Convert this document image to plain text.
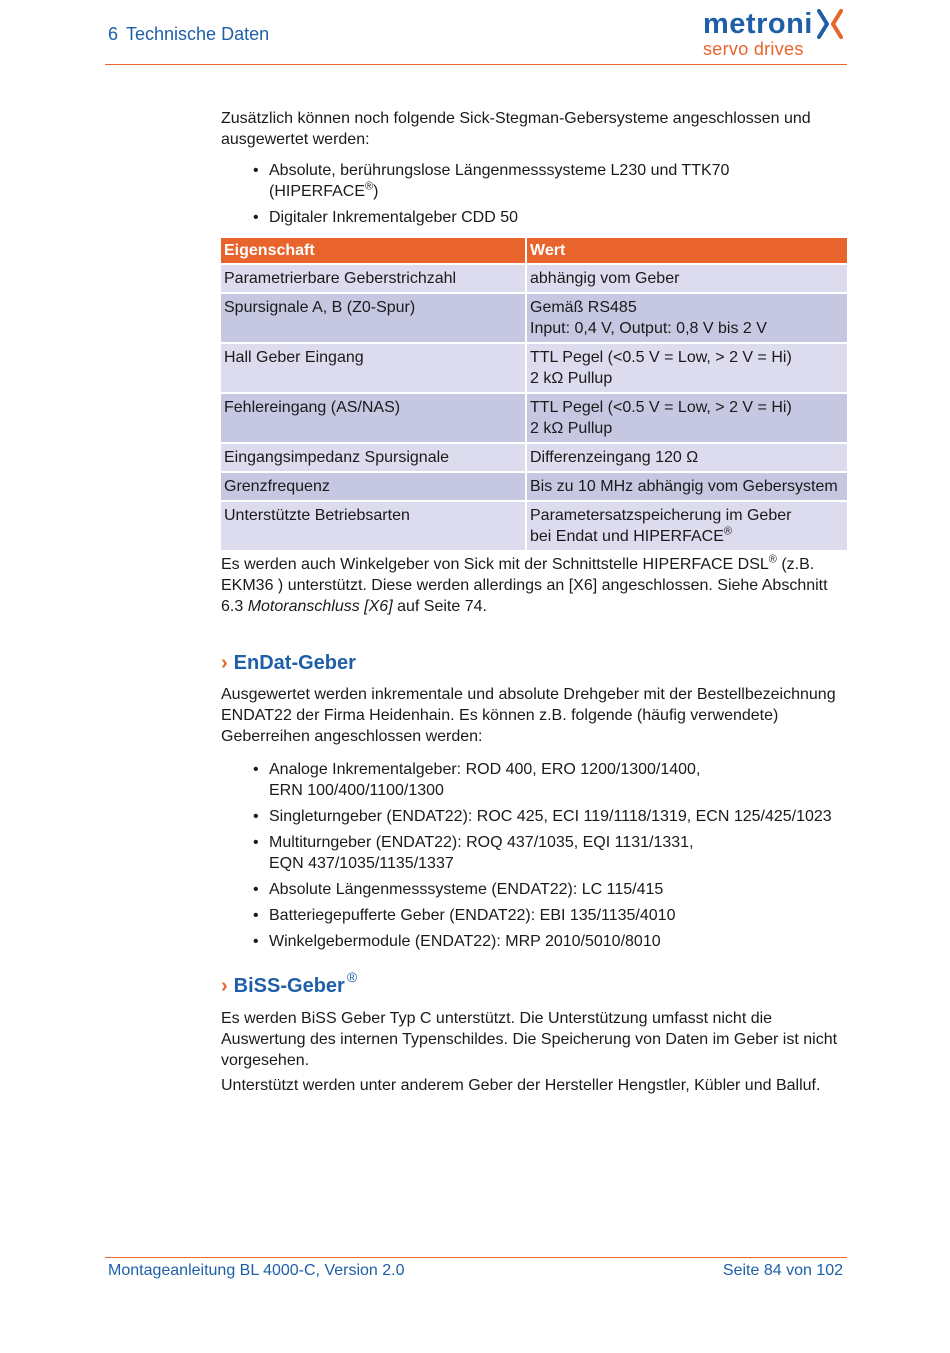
6 Technische Daten	metroni
servo drives

Zusätzlich können noch folgende Sick-Stegman-Gebersysteme angeschlossen und ausgewertet werden:

• Absolute, berührungslose Längenmesssysteme L230 und TTK70
(HIPERFACE®)
• Digitaler Inkrementalgeber CDD 50
Eigenschaft	Wert
Parametrierbare Geberstrichzahl	abhängig vom Geber
Spursignale A, B (Z0-Spur)	Gemäß RS485
Input: 0,4 V, Output: 0,8 V bis 2 V
Hall Geber Eingang	TTL Pegel (<0.5 V = Low, > 2 V = Hi)
2 kΩ Pullup
Fehlereingang (AS/NAS)	TTL Pegel (<0.5 V = Low, > 2 V = Hi)
2 kΩ Pullup
Eingangsimpedanz Spursignale	Differenzeingang 120 Ω
Grenzfrequenz	Bis zu 10 MHz abhängig vom Gebersystem
Unterstützte Betriebsarten	Parametersatzspeicherung im Geber
bei Endat und HIPERFACE®

Es werden auch Winkelgeber von Sick mit der Schnittstelle HIPERFACE DSL® (z.B. EKM36 ) unterstützt. Diese werden allerdings an [X6] angeschlossen. Siehe Abschnitt 6.3 Motoranschluss [X6] auf Seite 74.

› EnDat-Geber

Ausgewertet werden inkrementale und absolute Drehgeber mit der Bestellbezeichnung ENDAT22 der Firma Heidenhain. Es können z.B. folgende (häufig verwendete) Geberreihen angeschlossen werden:

• Analoge Inkrementalgeber: ROD 400, ERO 1200/1300/1400,
ERN 100/400/1100/1300
• Singleturngeber (ENDAT22): ROC 425, ECI 119/1118/1319, ECN 125/425/1023
• Multiturngeber (ENDAT22): ROQ 437/1035, EQI 1131/1331,
EQN 437/1035/1135/1337
• Absolute Längenmesssysteme (ENDAT22): LC 115/415
• Batteriegepufferte Geber (ENDAT22): EBI 135/1135/4010
• Winkelgebermodule (ENDAT22): MRP 2010/5010/8010
› BiSS-Geber ®

Es werden BiSS Geber Typ C unterstützt. Die Unterstützung umfasst nicht die Auswertung des internen Typenschildes. Die Speicherung von Daten im Geber ist nicht vorgesehen.

Unterstützt werden unter anderem Geber der Hersteller Hengstler, Kübler und Balluf.

Montageanleitung BL 4000-C, Version 2.0	Seite 84 von 102
